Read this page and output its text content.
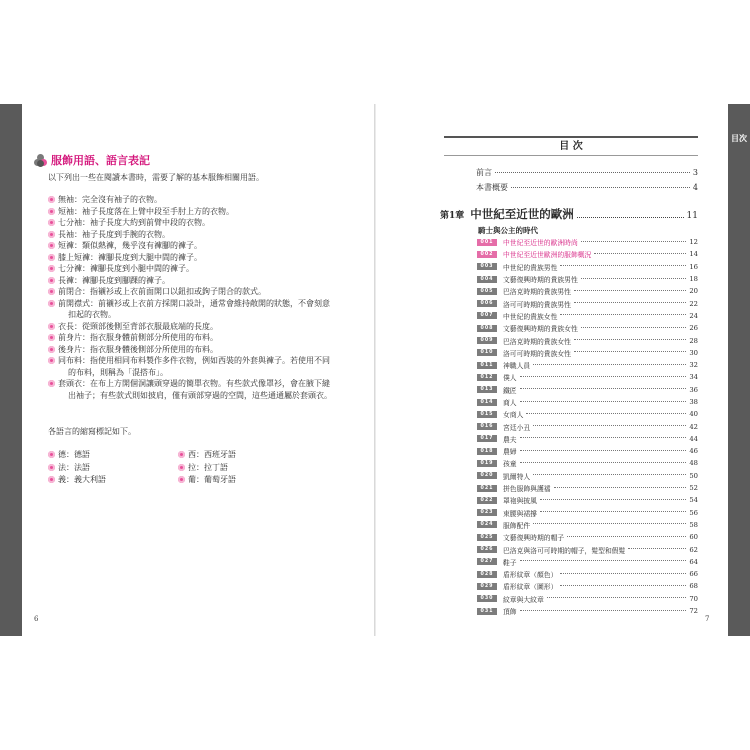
目次
服飾用語、語言表記
以下列出一些在閱讀本書時，需要了解的基本服飾相關用語。
無袖：完全沒有袖子的衣物。
短袖：袖子長度落在上臂中段至手肘上方的衣物。
七分袖：袖子長度大約到前臂中段的衣物。
長袖：袖子長度到手腕的衣物。
短褲：類似熱褲，幾乎沒有褲腳的褲子。
膝上短褲：褲腳長度到大腿中間的褲子。
七分褲：褲腳長度到小腿中間的褲子。
長褲：褲腳長度到腳踝的褲子。
前閉合：指襯衫或上衣前面開口以鈕扣或鉤子閉合的款式。
前開襟式：前襯衫或上衣前方採開口設計，通常會維持敞開的狀態，不會刻意
扣起的衣物。
衣長：從頸部後側至背部衣服最底端的長度。
前身片：指衣服身體前側部分所使用的布料。
後身片：指衣服身體後側部分所使用的布料。
同布料：指使用相同布料製作多件衣物，例如西裝的外套與褲子。若使用不同
的布料，則稱為「混搭布」。
套頭衣：在布上方開個洞讓頭穿過的簡單衣物。有些款式像罩衫，會在腋下縫
出袖子；有些款式則如披肩，僅有頭部穿過的空間，這些通通屬於套頭衣。
各語言的縮寫標記如下。
德：德語	西：西班牙語
法：法語	拉：拉丁語
義：義大利語	葡：葡萄牙語
6
目 次
前言	3
本書概要	4
第1章 中世紀至近世的歐洲	11
騎士與公主的時代
001	中世紀至近世的歐洲時尚	12
002	中世紀至近世歐洲的服飾概況	14
003	中世紀的貴族男性	16
004	文藝復興時期的貴族男性	18
005	巴洛克時期的貴族男性	20
006	洛可可時期的貴族男性	22
007	中世紀的貴族女性	24
008	文藝復興時期的貴族女性	26
009	巴洛克時期的貴族女性	28
010	洛可可時期的貴族女性	30
011	神職人員	32
012	僕人	34
013	鐵匠	36
014	商人	38
015	女商人	40
016	宮廷小丑	42
017	農夫	44
018	農婦	46
019	孩童	48
020	凱爾特人	50
021	拼色服飾與護襠	52
022	罩袍與披風	54
023	束腰與裙撐	56
024	服飾配件	58
025	文藝復興時期的帽子	60
026	巴洛克與洛可可時期的帽子，髮型和假髮	62
027	鞋子	64
028	盾形紋章（顏色）	66
029	盾形紋章（圖形）	68
030	紋章與大紋章	70
031	頂飾	72
7
